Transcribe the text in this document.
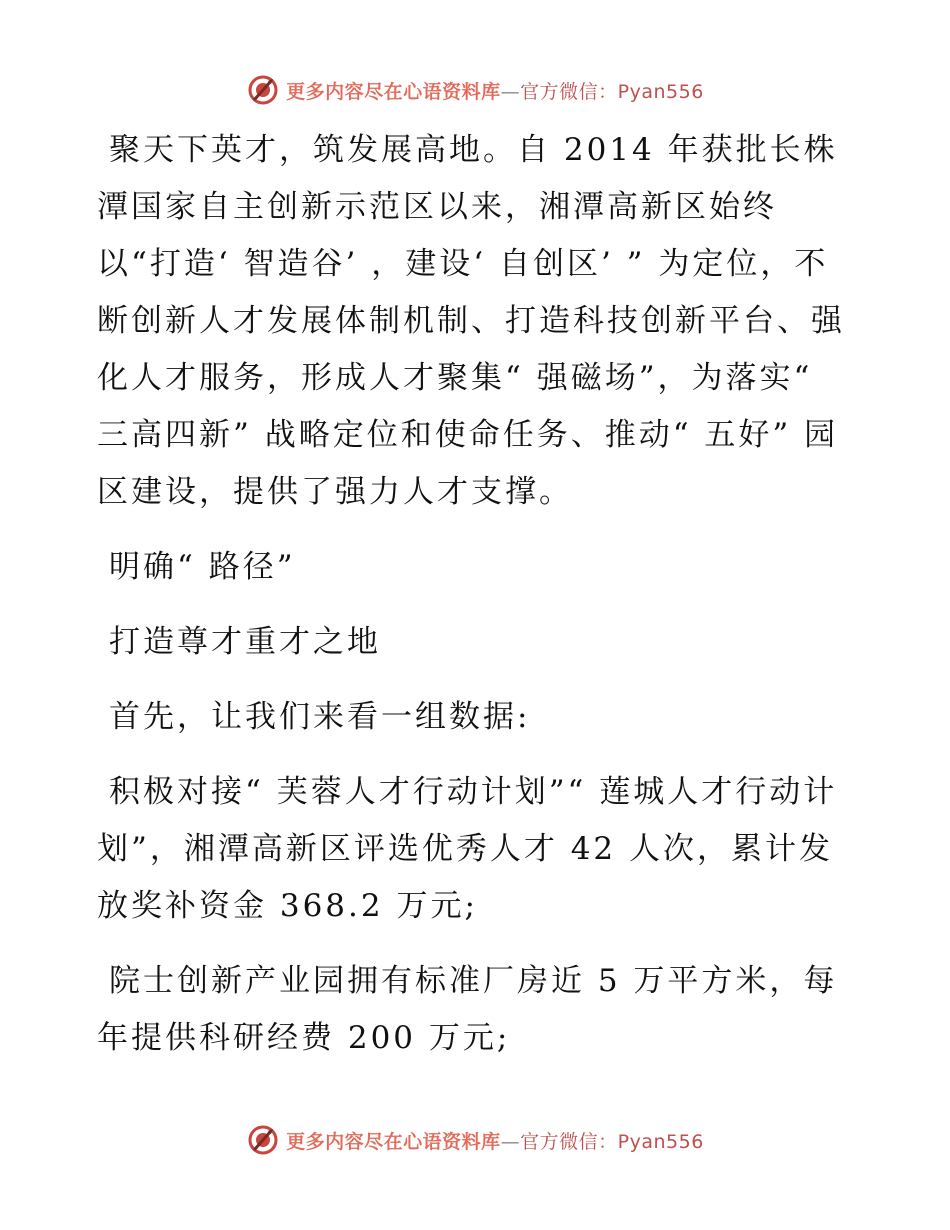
更多内容尽在心语资料库—官方微信：Pyan556

聚天下英才，筑发展高地。自 2014 年获批长株潭国家自主创新示范区以来，湘潭高新区始终以“打造‘ 智造谷’ ，建设‘ 自创区’ ” 为定位，不断创新人才发展体制机制、打造科技创新平台、强化人才服务，形成人才聚集“ 强磁场”，为落实“ 三高四新” 战略定位和使命任务、推动“ 五好” 园区建设，提供了强力人才支撑。

明确“ 路径”

打造尊才重才之地

首先，让我们来看一组数据:

积极对接“ 芙蓉人才行动计划”“ 莲城人才行动计划”，湘潭高新区评选优秀人才 42 人次，累计发放奖补资金 368.2 万元;

院士创新产业园拥有标准厂房近 5 万平方米，每年提供科研经费 200 万元;

更多内容尽在心语资料库—官方微信：Pyan556
